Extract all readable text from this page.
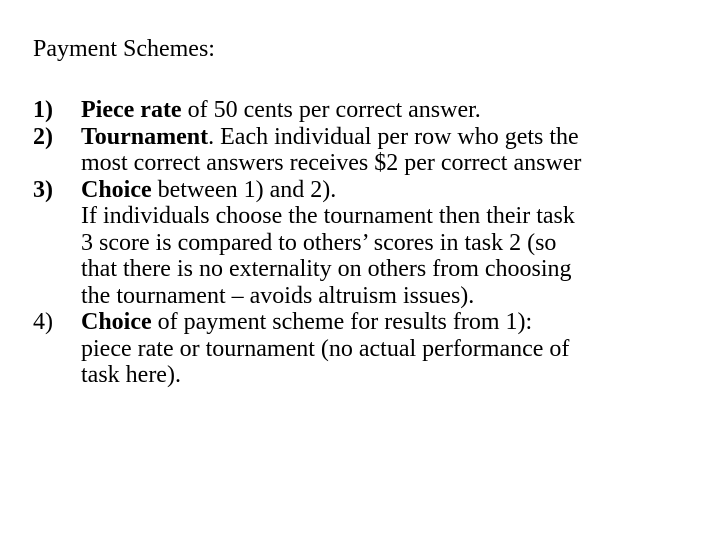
Payment Schemes:
1) Piece rate of 50 cents per correct answer.
2) Tournament. Each individual per row who gets the
most correct answers receives $2 per correct answer
3) Choice between 1) and 2).
If individuals choose the tournament then their task
3 score is compared to others’ scores in task 2 (so
that there is no externality on others from choosing
the tournament – avoids altruism issues).
4) Choice of payment scheme for results from 1):
piece rate or tournament (no actual performance of
task here).
